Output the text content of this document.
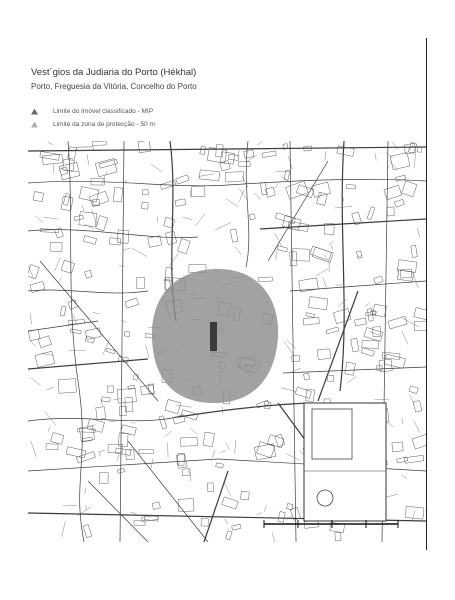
Vest´gios da Judiaria do Porto (Hékhal)
Porto, Freguesia da Vitória, Concelho do Porto
Limite do Imóvel classificado - MIP
Limite da zona de protecção - 50 m
